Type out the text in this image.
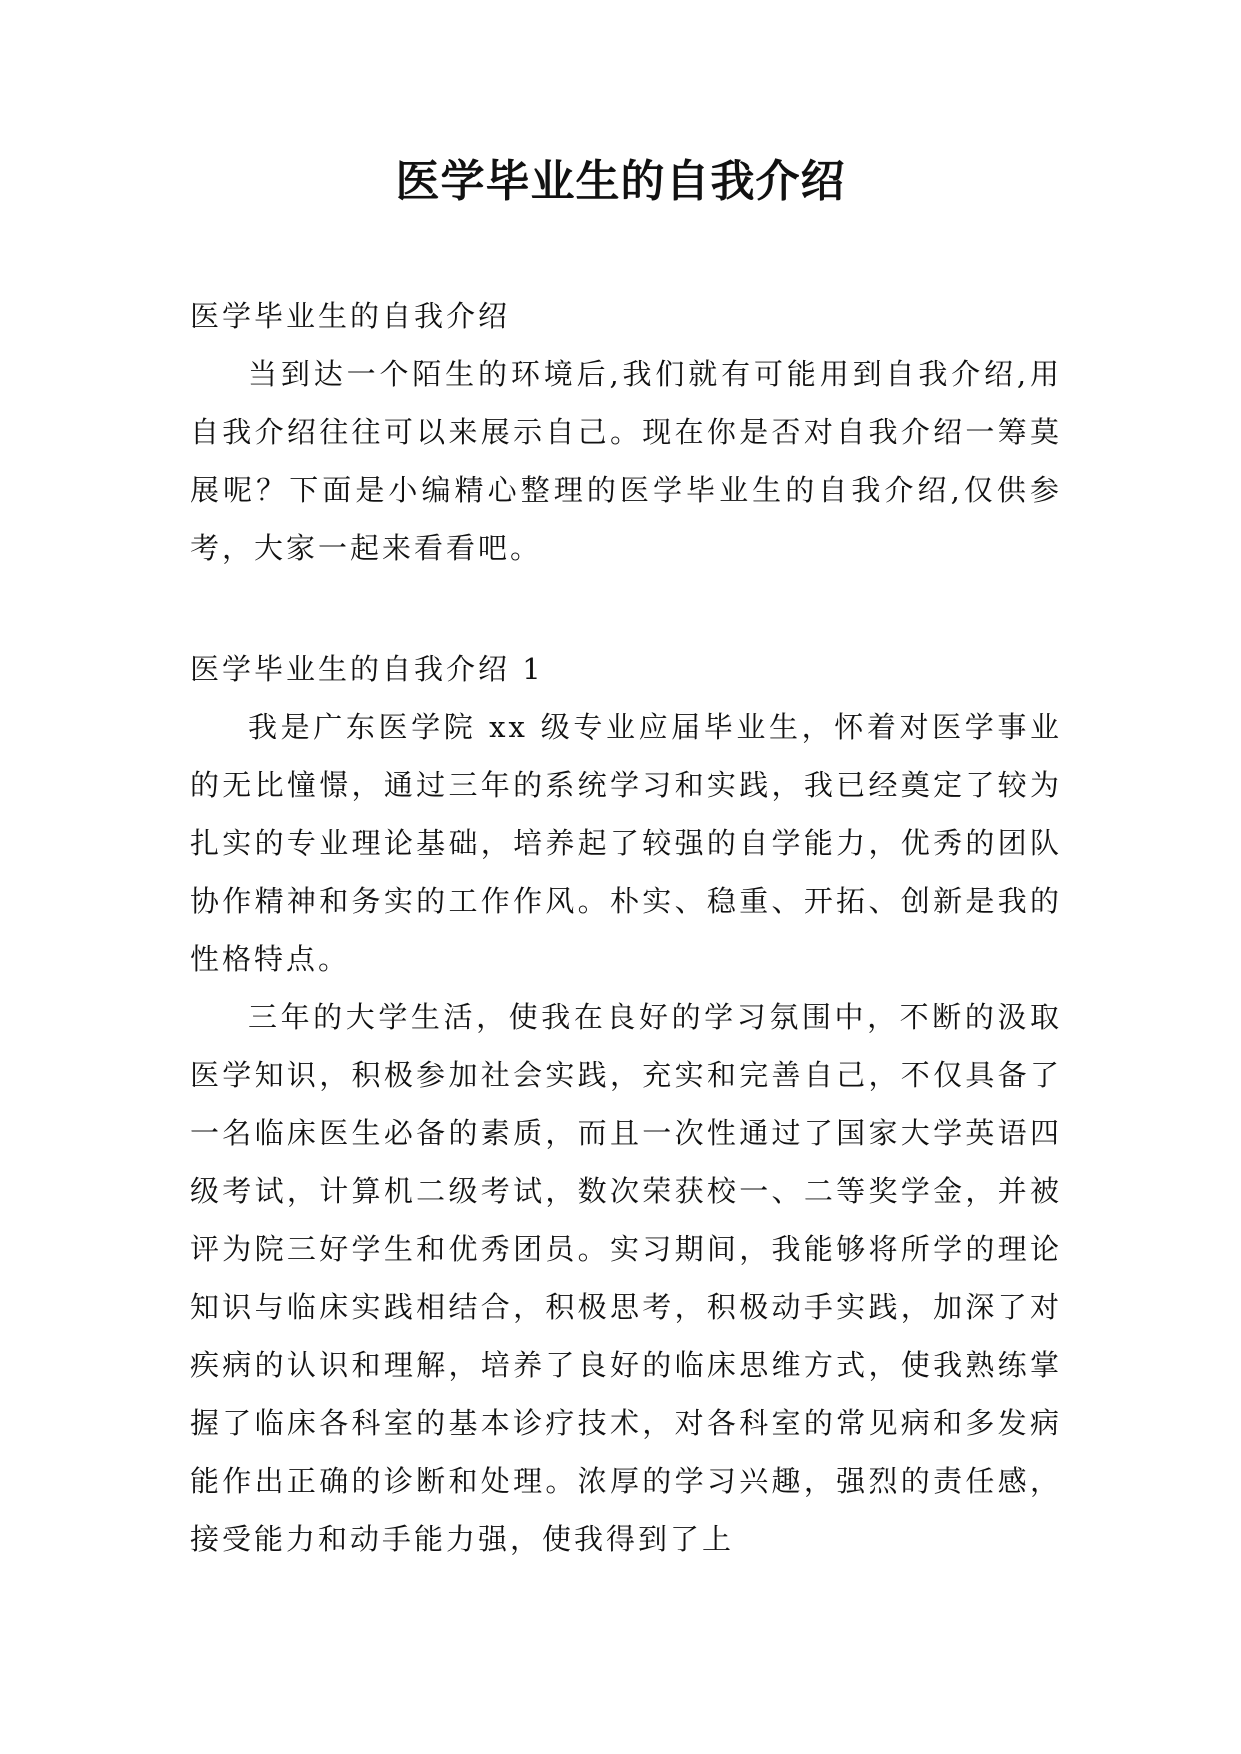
医学毕业生的自我介绍

医学毕业生的自我介绍

当到达一个陌生的环境后,我们就有可能用到自我介绍,用自我介绍往往可以来展示自己。现在你是否对自我介绍一筹莫展呢？下面是小编精心整理的医学毕业生的自我介绍,仅供参考，大家一起来看看吧。

医学毕业生的自我介绍 1

我是广东医学院 xx 级专业应届毕业生，怀着对医学事业的无比憧憬，通过三年的系统学习和实践，我已经奠定了较为扎实的专业理论基础，培养起了较强的自学能力，优秀的团队协作精神和务实的工作作风。朴实、稳重、开拓、创新是我的性格特点。

三年的大学生活，使我在良好的学习氛围中，不断的汲取医学知识，积极参加社会实践，充实和完善自己，不仅具备了一名临床医生必备的素质，而且一次性通过了国家大学英语四级考试，计算机二级考试，数次荣获校一、二等奖学金，并被评为院三好学生和优秀团员。实习期间，我能够将所学的理论知识与临床实践相结合，积极思考，积极动手实践，加深了对疾病的认识和理解，培养了良好的临床思维方式，使我熟练掌握了临床各科室的基本诊疗技术，对各科室的常见病和多发病能作出正确的诊断和处理。浓厚的学习兴趣，强烈的责任感，接受能力和动手能力强，使我得到了上
